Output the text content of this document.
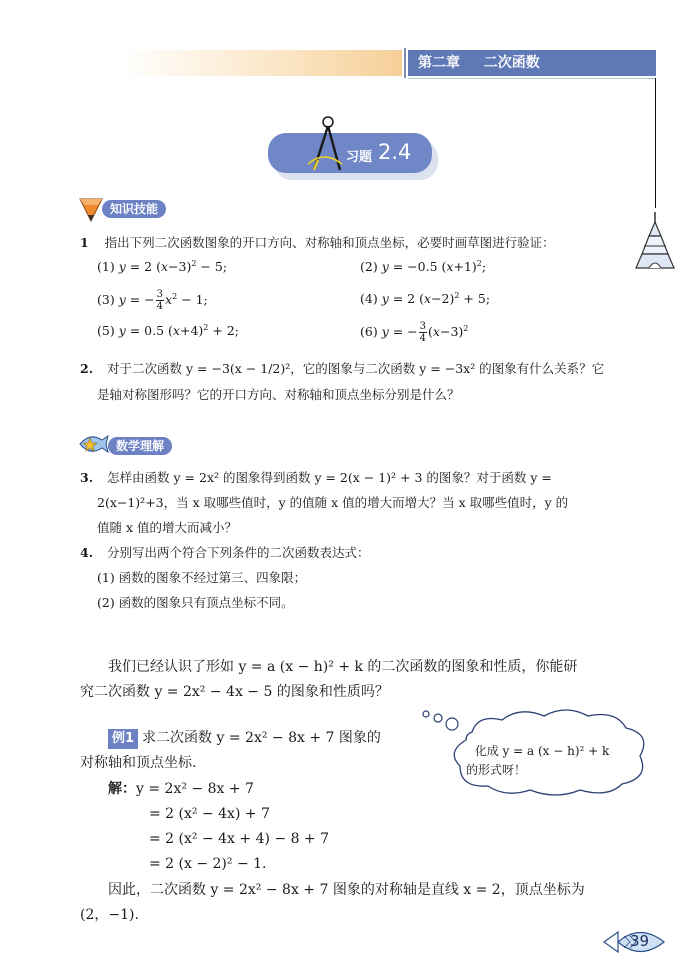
第二章 二次函数
习题 2.4
知识技能
1 指出下列二次函数图象的开口方向、对称轴和顶点坐标，必要时画草图进行验证：
(1) y = 2 $(x-3)^2 - 5$;	(2) y = −0.5 $(x+1)^2$;
(3) y = − $\frac{3}{4} x^2 - 1$;	(4) y = 2 $(x-2)^2 + 5$;
(5) y = 0.5 $(x+4)^2 + 2$;	(6) y = − $\frac{3}{4} (x-3)^2$
2. 对于二次函数 y = −3(x − 1/2)²，它的图象与二次函数 y = −3x² 的图象有什么关系？它
是轴对称图形吗？它的开口方向、对称轴和顶点坐标分别是什么？
数学理解
3. 怎样由函数 y = 2x² 的图象得到函数 y = 2(x − 1)² + 3 的图象？对于函数 y =
2(x−1)²+3，当 x 取哪些值时，y 的值随 x 值的增大而增大？当 x 取哪些值时，y 的
值随 x 值的增大而减小？
4. 分别写出两个符合下列条件的二次函数表达式：
(1) 函数的图象不经过第三、四象限；
(2) 函数的图象只有顶点坐标不同。
我们已经认识了形如 y = a (x − h)² + k 的二次函数的图象和性质，你能研
究二次函数 y = 2x² − 4x − 5 的图象和性质吗？
例1 求二次函数 y = 2x² − 8x + 7 图象的
对称轴和顶点坐标.
解：y = 2x² − 8x + 7
= 2 (x² − 4x) + 7
= 2 (x² − 4x + 4) − 8 + 7
= 2 (x − 2)² − 1.
因此，二次函数 y = 2x² − 8x + 7 图象的对称轴是直线 x = 2，顶点坐标为
(2，−1).
化成 y = a (x − h)² + k
的形式呀！
39
